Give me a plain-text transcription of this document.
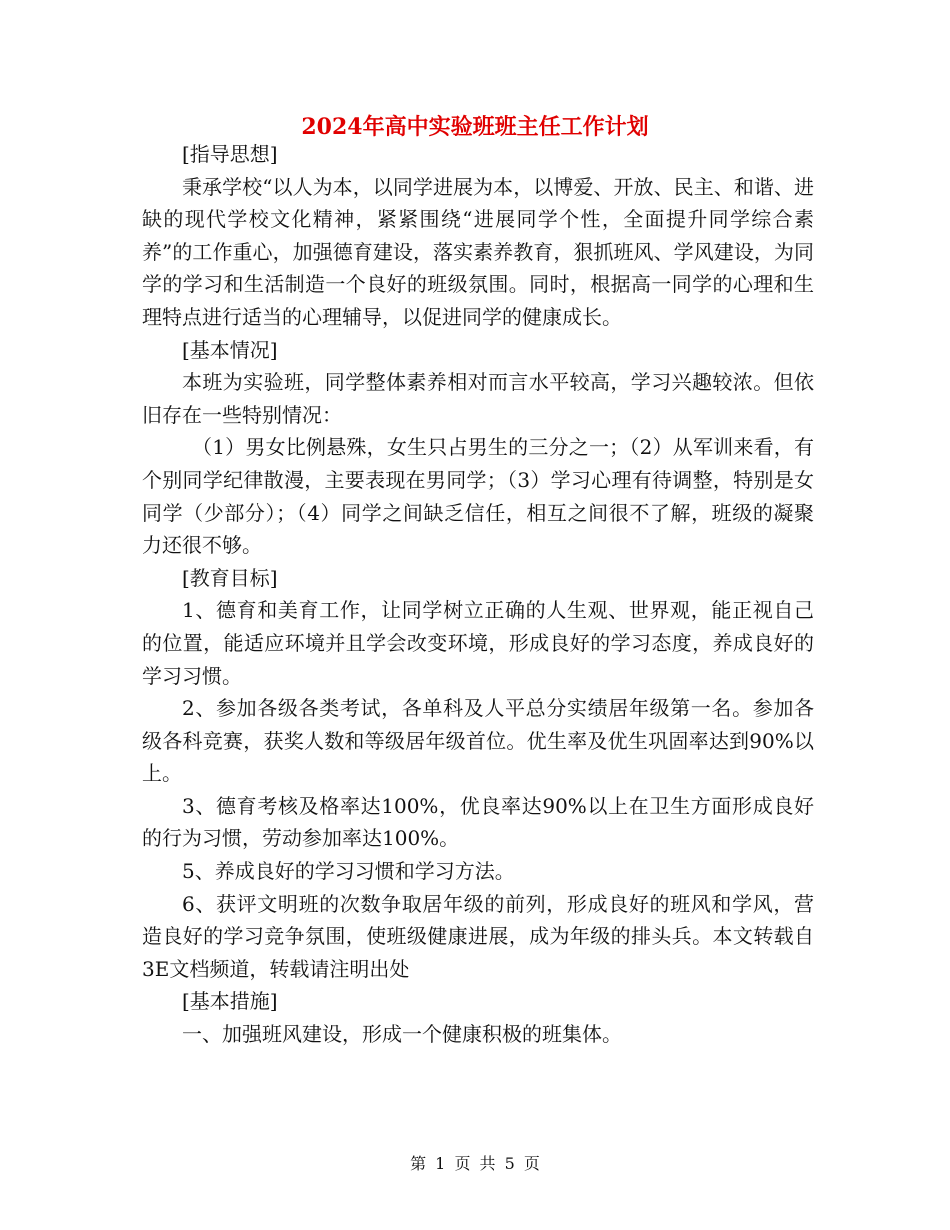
2024年高中实验班班主任工作计划

[指导思想]

秉承学校“以人为本，以同学进展为本，以博爱、开放、民主、和谐、进缺的现代学校文化精神，紧紧围绕“进展同学个性，全面提升同学综合素养”的工作重心，加强德育建设，落实素养教育，狠抓班风、学风建设，为同学的学习和生活制造一个良好的班级氛围。同时，根据高一同学的心理和生理特点进行适当的心理辅导，以促进同学的健康成长。

[基本情况]

本班为实验班，同学整体素养相对而言水平较高，学习兴趣较浓。但依旧存在一些特别情况：

（1）男女比例悬殊，女生只占男生的三分之一；（2）从军训来看，有个别同学纪律散漫，主要表现在男同学；（3）学习心理有待调整，特别是女同学（少部分）；（4）同学之间缺乏信任，相互之间很不了解，班级的凝聚力还很不够。

[教育目标]

1、德育和美育工作，让同学树立正确的人生观、世界观，能正视自己的位置，能适应环境并且学会改变环境，形成良好的学习态度，养成良好的学习习惯。

2、参加各级各类考试，各单科及人平总分实绩居年级第一名。参加各级各科竞赛，获奖人数和等级居年级首位。优生率及优生巩固率达到90%以上。

3、德育考核及格率达100%，优良率达90%以上在卫生方面形成良好的行为习惯，劳动参加率达100%。

5、养成良好的学习习惯和学习方法。

6、获评文明班的次数争取居年级的前列，形成良好的班风和学风，营造良好的学习竞争氛围，使班级健康进展，成为年级的排头兵。本文转载自3E文档频道，转载请注明出处

[基本措施]

一、加强班风建设，形成一个健康积极的班集体。

第 1 页 共 5 页
